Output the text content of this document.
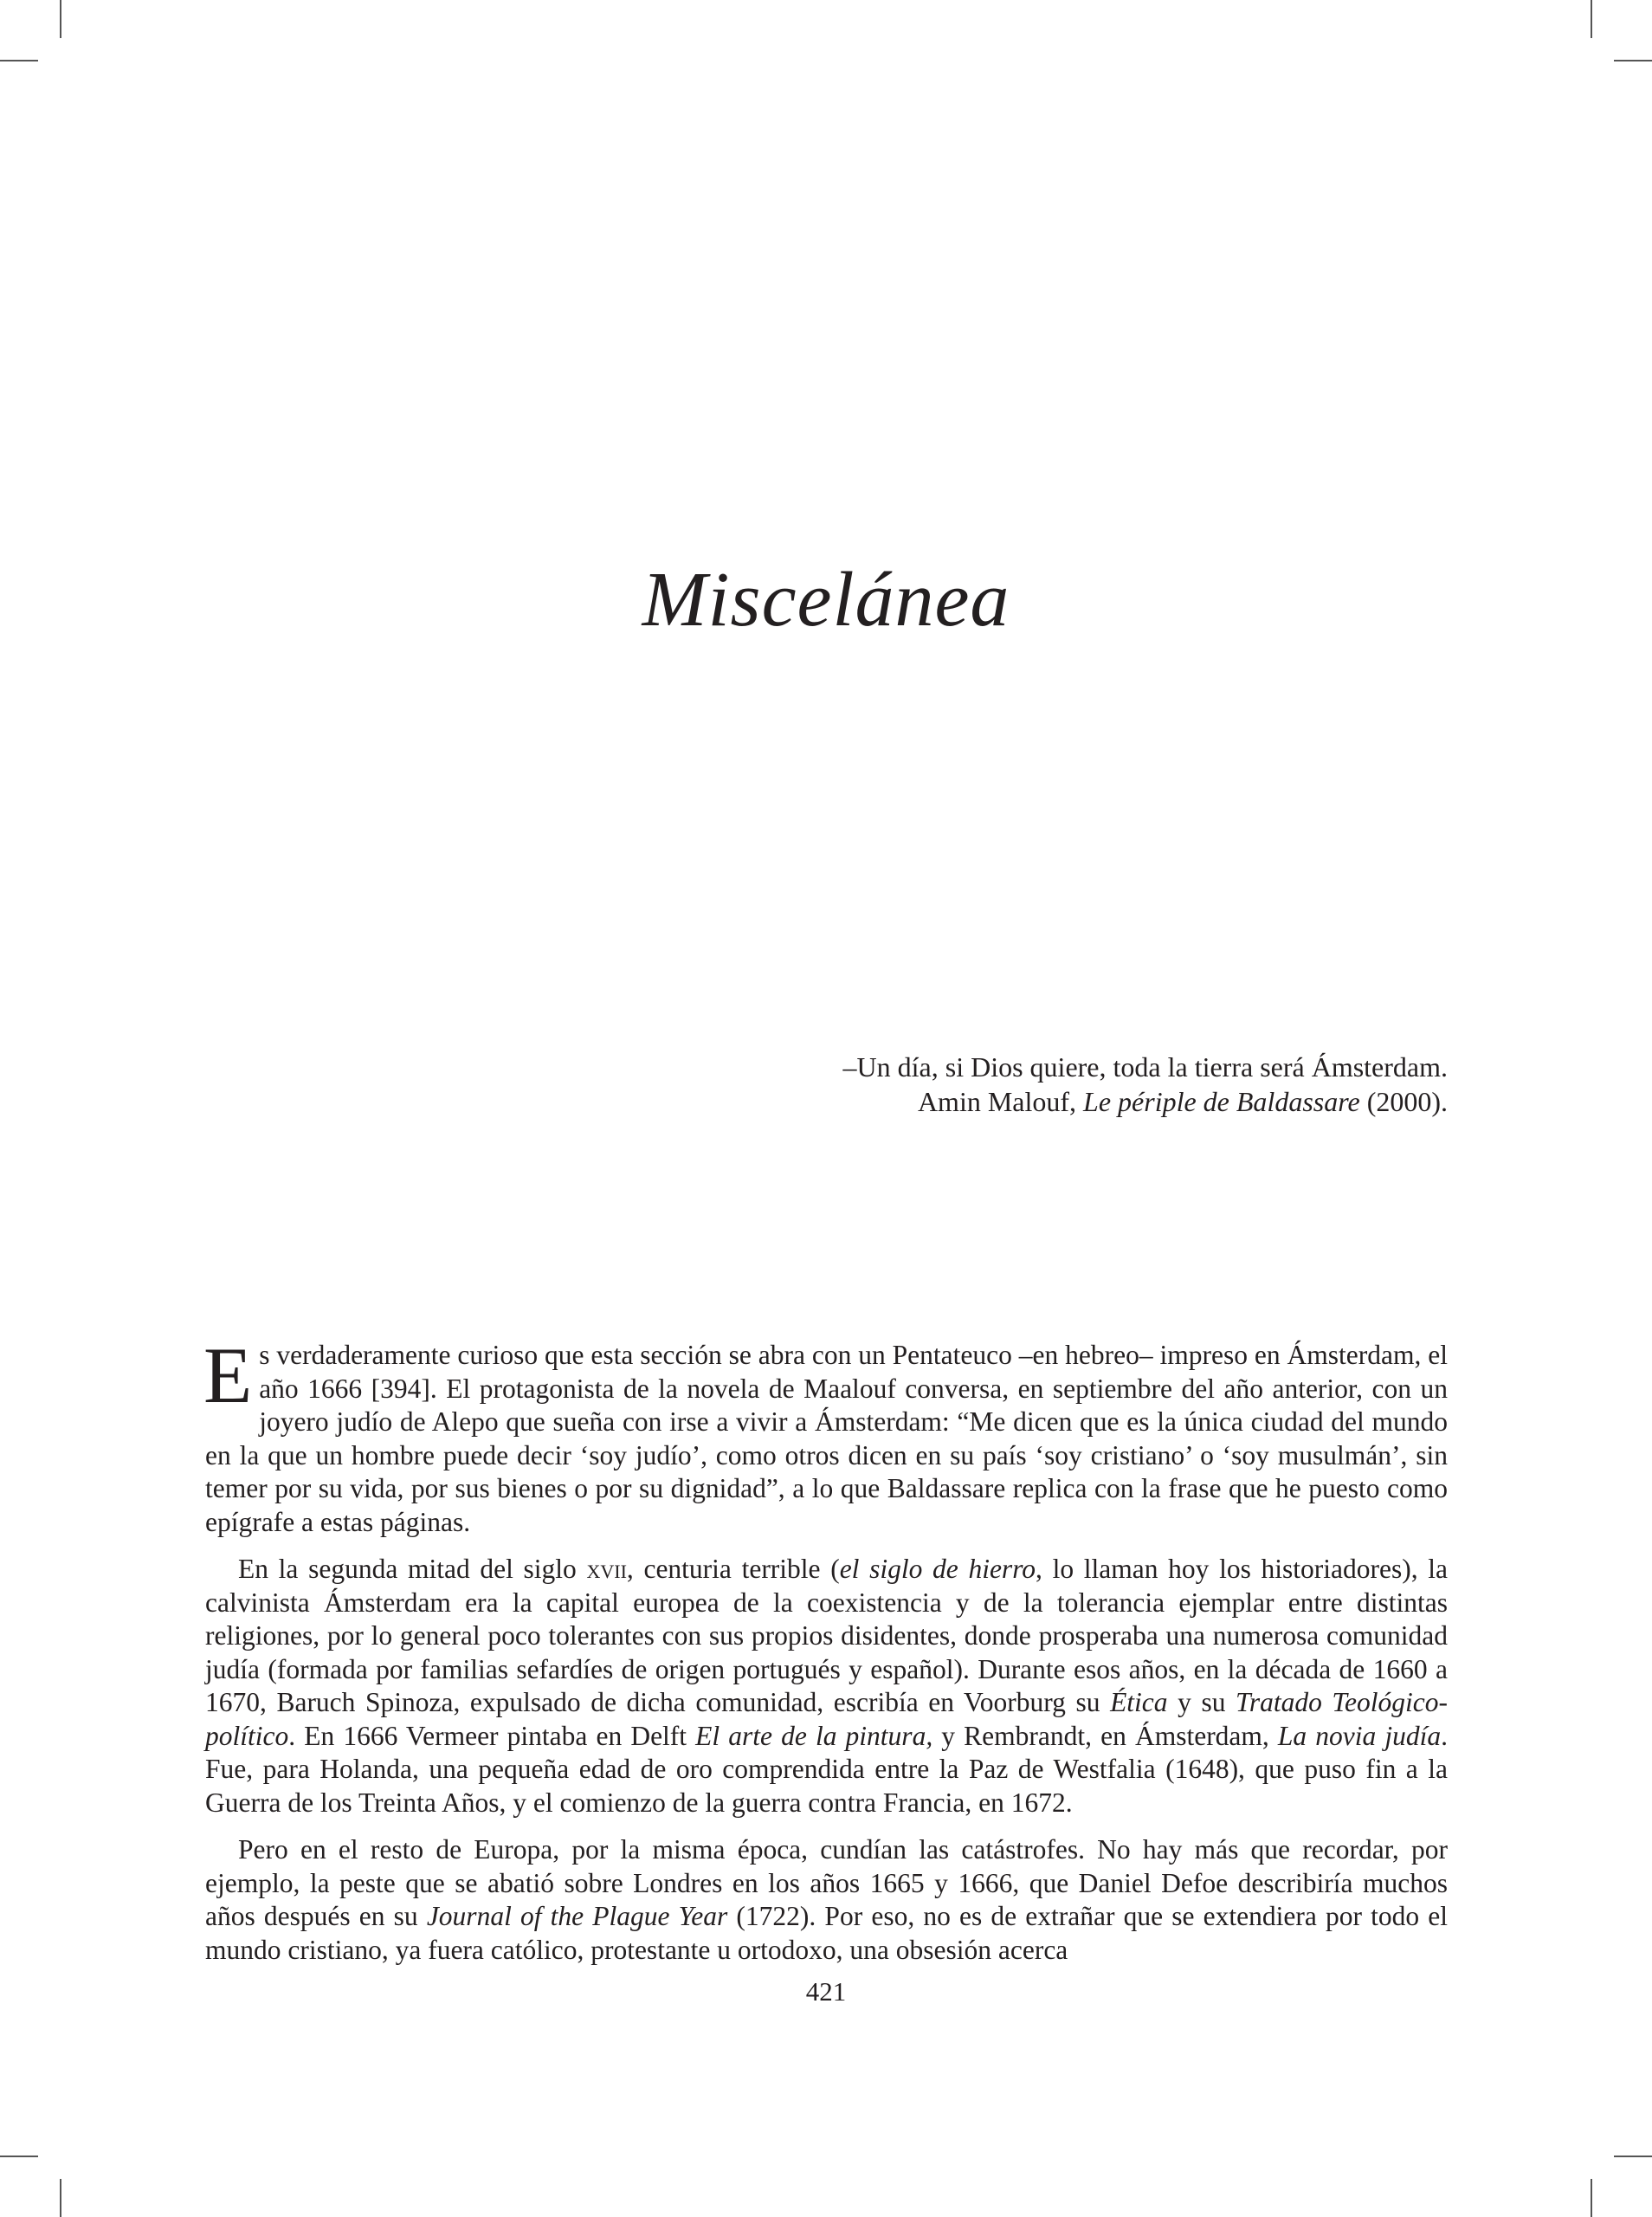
Miscelánea

–Un día, si Dios quiere, toda la tierra será Ámsterdam.

Amin Malouf, Le périple de Baldassare (2000).

Es verdaderamente curioso que esta sección se abra con un Pentateuco –en hebreo– impreso en Ámsterdam, el año 1666 [394]. El protagonista de la novela de Maalouf conversa, en septiembre del año anterior, con un joyero judío de Alepo que sueña con irse a vivir a Ámsterdam: “Me dicen que es la única ciudad del mundo en la que un hombre puede decir ‘soy judío’, como otros dicen en su país ‘soy cristiano’ o ‘soy musulmán’, sin temer por su vida, por sus bienes o por su dignidad”, a lo que Baldassare replica con la frase que he puesto como epígrafe a estas páginas.

En la segunda mitad del siglo xvii, centuria terrible (el siglo de hierro, lo llaman hoy los historiadores), la calvinista Ámsterdam era la capital europea de la coexistencia y de la tolerancia ejemplar entre distintas religiones, por lo general poco tolerantes con sus propios disidentes, donde prosperaba una numerosa comunidad judía (formada por familias sefardíes de origen portugués y español). Durante esos años, en la década de 1660 a 1670, Baruch Spinoza, expulsado de dicha comunidad, escribía en Voorburg su Ética y su Tratado Teológico-político. En 1666 Vermeer pintaba en Delft El arte de la pintura, y Rembrandt, en Ámsterdam, La novia judía. Fue, para Holanda, una pequeña edad de oro comprendida entre la Paz de Westfalia (1648), que puso fin a la Guerra de los Treinta Años, y el comienzo de la guerra contra Francia, en 1672.

Pero en el resto de Europa, por la misma época, cundían las catástrofes. No hay más que recordar, por ejemplo, la peste que se abatió sobre Londres en los años 1665 y 1666, que Daniel Defoe describiría muchos años después en su Journal of the Plague Year (1722). Por eso, no es de extrañar que se extendiera por todo el mundo cristiano, ya fuera católico, protestante u ortodoxo, una obsesión acerca

421
